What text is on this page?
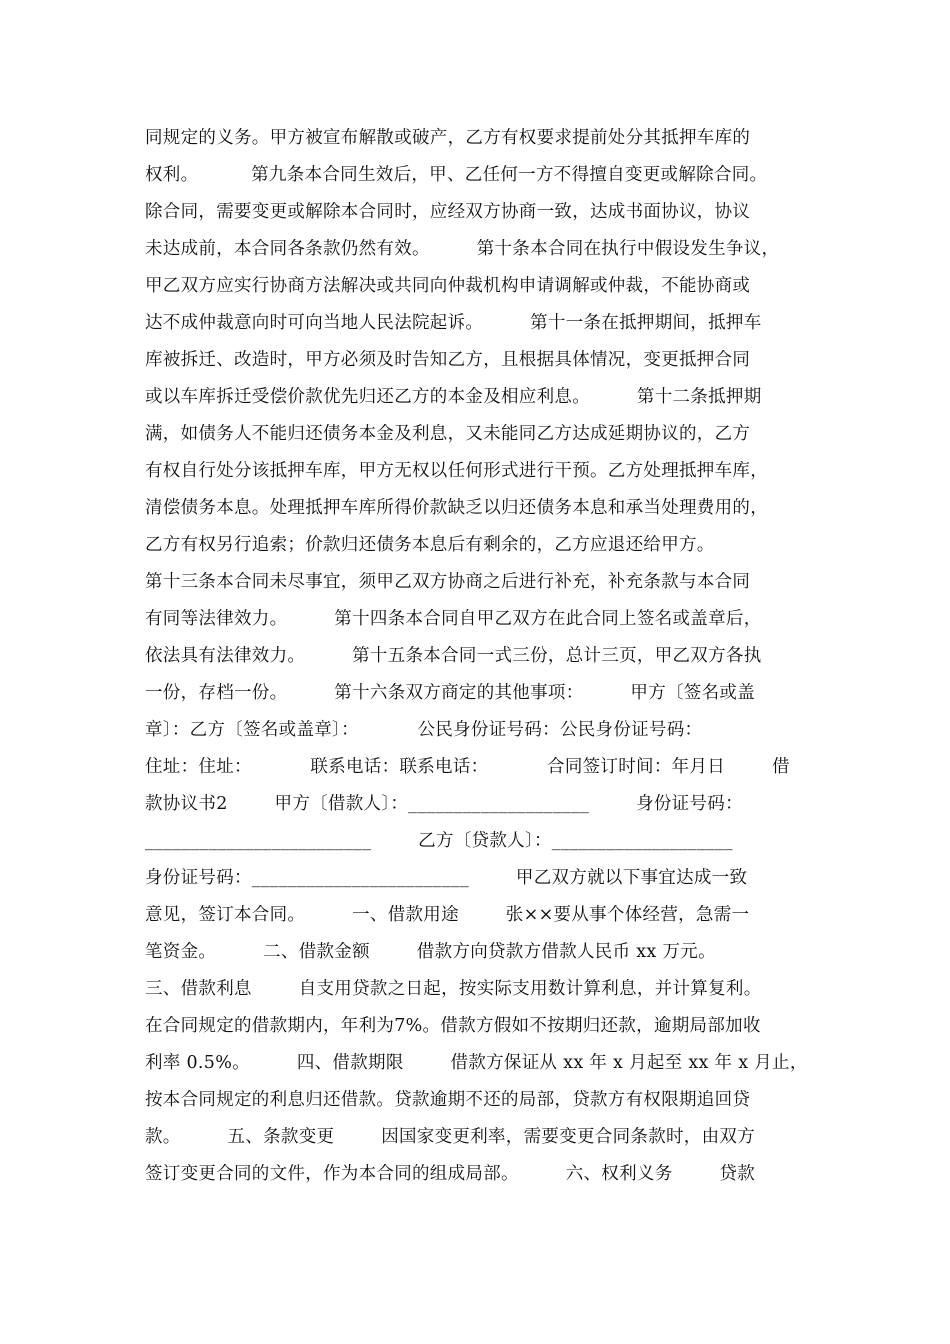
同规定的义务。甲方被宣布解散或破产，乙方有权要求提前处分其抵押车库的
权利。         第九条本合同生效后，甲、乙任何一方不得擅自变更或解除合同。
除合同，需要变更或解除本合同时，应经双方协商一致，达成书面协议，协议
未达成前，本合同各条款仍然有效。        第十条本合同在执行中假设发生争议，
甲乙双方应实行协商方法解决或共同向仲裁机构申请调解或仲裁，不能协商或
达不成仲裁意向时可向当地人民法院起诉。        第十一条在抵押期间，抵押车
库被拆迁、改造时，甲方必须及时告知乙方，且根据具体情况，变更抵押合同
或以车库拆迁受偿价款优先归还乙方的本金及相应利息。        第十二条抵押期
满，如债务人不能归还债务本金及利息，又未能同乙方达成延期协议的，乙方
有权自行处分该抵押车库，甲方无权以任何形式进行干预。乙方处理抵押车库，
清偿债务本息。处理抵押车库所得价款缺乏以归还债务本息和承当处理费用的，
乙方有权另行追索；价款归还债务本息后有剩余的，乙方应退还给甲方。
第十三条本合同未尽事宜，须甲乙双方协商之后进行补充，补充条款与本合同
有同等法律效力。        第十四条本合同自甲乙双方在此合同上签名或盖章后，
依法具有法律效力。        第十五条本合同一式三份，总计三页，甲乙双方各执
一份，存档一份。        第十六条双方商定的其他事项：        甲方〔签名或盖
章〕：乙方〔签名或盖章〕：          公民身份证号码：公民身份证号码：
住址：住址：          联系电话：联系电话：          合同签订时间：年月日        借
款协议书2        甲方〔借款人〕：____________________        身份证号码：
_________________________        乙方〔贷款人〕：____________________
身份证号码：________________________        甲乙双方就以下事宜达成一致
意见，签订本合同。        一、借款用途        张××要从事个体经营，急需一
笔资金。        二、借款金额        借款方向贷款方借款人民币 xx 万元。
三、借款利息        自支用贷款之日起，按实际支用数计算利息，并计算复利。
在合同规定的借款期内，年利为7%。借款方假如不按期归还款，逾期局部加收
利率 0.5%。        四、借款期限        借款方保证从 xx 年 x 月起至 xx 年 x 月止，
按本合同规定的利息归还借款。贷款逾期不还的局部，贷款方有权限期追回贷
款。        五、条款变更        因国家变更利率，需要变更合同条款时，由双方
签订变更合同的文件，作为本合同的组成局部。        六、权利义务        贷款
